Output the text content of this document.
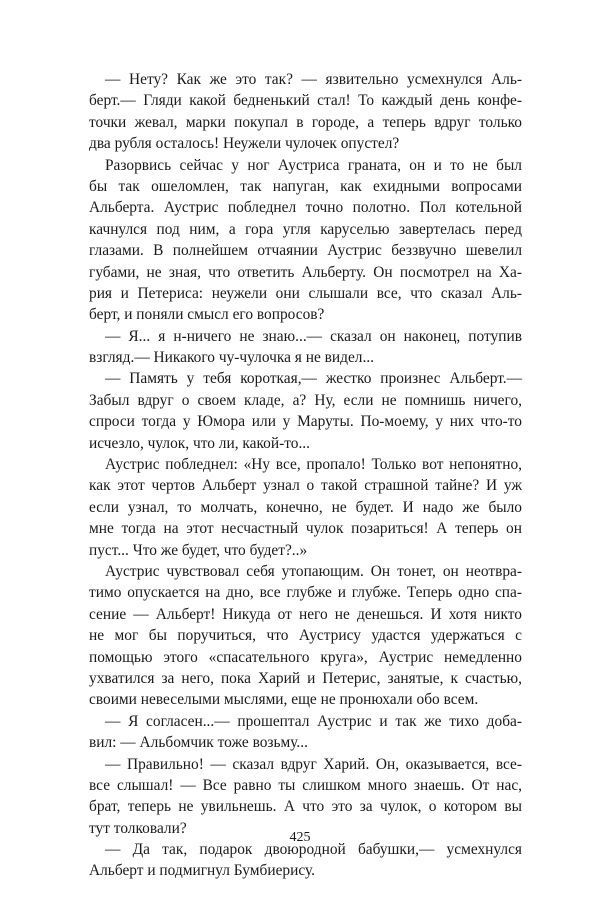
— Нету? Как же это так? — язвительно усмехнулся Аль-
берт.— Гляди какой бедненький стал! То каждый день конфе-
точки жевал, марки покупал в городе, а теперь вдруг только
два рубля осталось! Неужели чулочек опустел?
Разорвись сейчас у ног Аустриса граната, он и то не был
бы так ошеломлен, так напуган, как ехидными вопросами
Альберта. Аустрис побледнел точно полотно. Пол котельной
качнулся под ним, а гора угля каруселью завертелась перед
глазами. В полнейшем отчаянии Аустрис беззвучно шевелил
губами, не зная, что ответить Альберту. Он посмотрел на Ха-
рия и Петериса: неужели они слышали все, что сказал Аль-
берт, и поняли смысл его вопросов?
— Я... я н-ничего не знаю...— сказал он наконец, потупив
взгляд.— Никакого чу-чулочка я не видел...
— Память у тебя короткая,— жестко произнес Альберт.—
Забыл вдруг о своем кладе, а? Ну, если не помнишь ничего,
спроси тогда у Юмора или у Маруты. По-моему, у них что-то
исчезло, чулок, что ли, какой-то...
Аустрис побледнел: «Ну все, пропало! Только вот непонятно,
как этот чертов Альберт узнал о такой страшной тайне? И уж
если узнал, то молчать, конечно, не будет. И надо же было
мне тогда на этот несчастный чулок позариться! А теперь он
пуст... Что же будет, что будет?..»
Аустрис чувствовал себя утопающим. Он тонет, он неотвра-
тимо опускается на дно, все глубже и глубже. Теперь одно спа-
сение — Альберт! Никуда от него не денешься. И хотя никто
не мог бы поручиться, что Аустрису удастся удержаться с
помощью этого «спасательного круга», Аустрис немедленно
ухватился за него, пока Харий и Петерис, занятые, к счастью,
своими невеселыми мыслями, еще не пронюхали обо всем.
— Я согласен...— прошептал Аустрис и так же тихо доба-
вил: — Альбомчик тоже возьму...
— Правильно! — сказал вдруг Харий. Он, оказывается, все-
все слышал! — Все равно ты слишком много знаешь. От нас,
брат, теперь не увильнешь. А что это за чулок, о котором вы
тут толковали?
— Да так, подарок двоюродной бабушки,— усмехнулся
Альберт и подмигнул Бумбиерису.
425
